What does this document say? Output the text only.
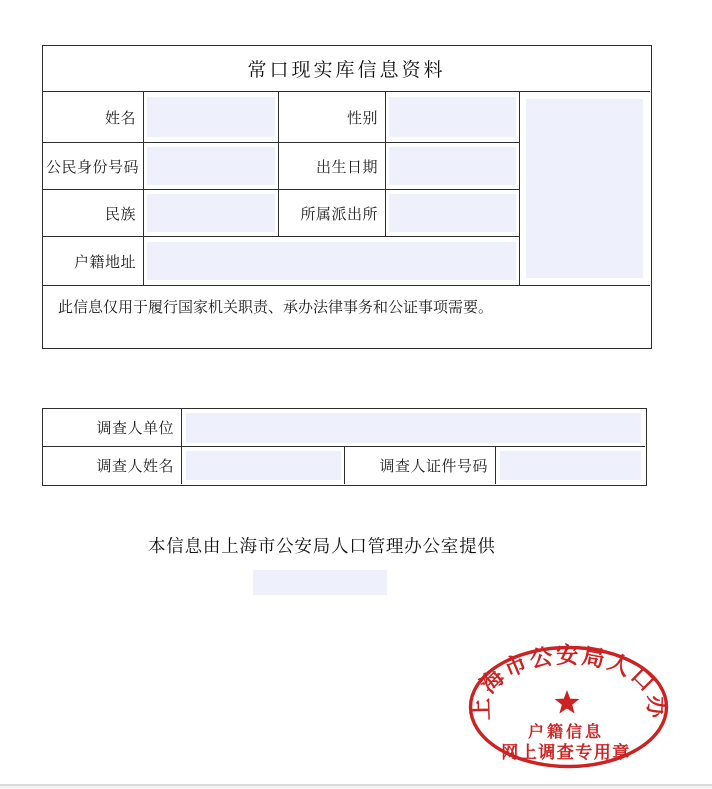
常口现实库信息资料
姓名	性别
公民身份号码	出生日期
民族	所属派出所
户籍地址
此信息仅用于履行国家机关职责、承办法律事务和公证事项需要。
调查人单位
调查人姓名	调查人证件号码
本信息由上海市公安局人口管理办公室提供
上海市公安局人口办
户籍信息
网上调查专用章
